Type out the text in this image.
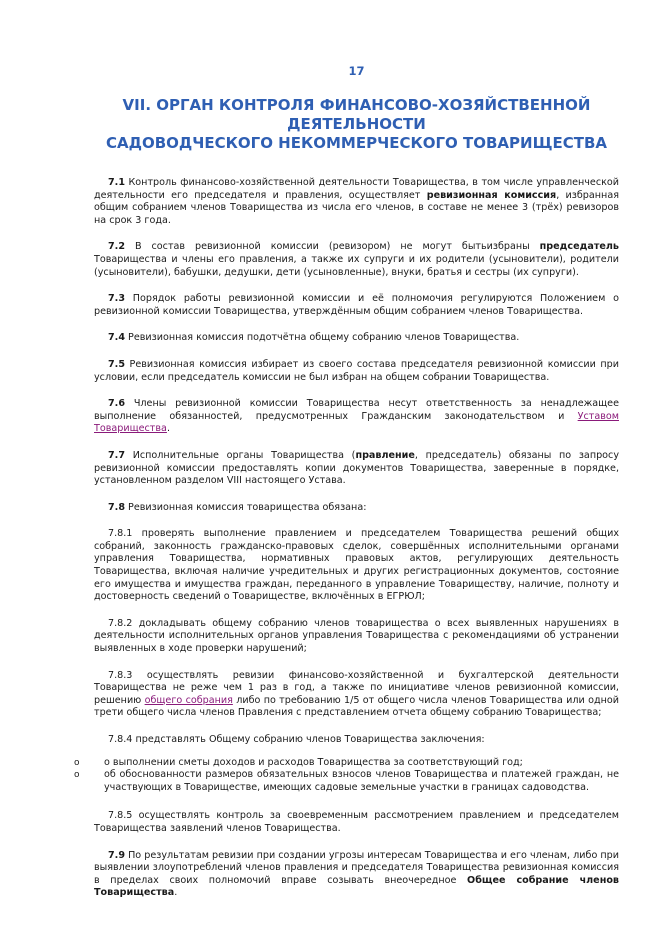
17
VII. ОРГАН КОНТРОЛЯ ФИНАНСОВО-ХОЗЯЙСТВЕННОЙ
ДЕЯТЕЛЬНОСТИ
САДОВОДЧЕСКОГО НЕКОММЕРЧЕСКОГО ТОВАРИЩЕСТВА

7.1 Контроль финансово-хозяйственной деятельности Товарищества, в том числе управленческой деятельности его председателя и правления, осуществляет ревизионная комиссия, избранная общим собранием членов Товарищества из числа его членов, в составе не менее 3 (трёх) ревизоров на срок 3 года.

7.2 В состав ревизионной комиссии (ревизором) не могут бытьизбраны председатель Товарищества и члены его правления, а также их супруги и их родители (усыновители), родители (усыновители), бабушки, дедушки, дети (усыновленные), внуки, братья и сестры (их супруги).

7.3 Порядок работы ревизионной комиссии и её полномочия регулируются Положением о ревизионной комиссии Товарищества, утверждённым общим собранием членов Товарищества.

7.4 Ревизионная комиссия подотчётна общему собранию членов Товарищества.

7.5 Ревизионная комиссия избирает из своего состава председателя ревизионной комиссии при условии, если председатель комиссии не был избран на общем собрании Товарищества.

7.6 Члены ревизионной комиссии Товарищества несут ответственность за ненадлежащее выполнение обязанностей, предусмотренных Гражданским законодательством и Уставом Товарищества.

7.7 Исполнительные органы Товарищества (правление, председатель) обязаны по запросу ревизионной комиссии предоставлять копии документов Товарищества, заверенные в порядке, установленном разделом VIII настоящего Устава.

7.8 Ревизионная комиссия товарищества обязана:

7.8.1 проверять выполнение правлением и председателем Товарищества решений общих собраний, законность гражданско-правовых сделок, совершённых исполнительными органами управления Товарищества, нормативных правовых актов, регулирующих деятельность Товарищества, включая наличие учредительных и других регистрационных документов, состояние его имущества и имущества граждан, переданного в управление Товариществу, наличие, полноту и достоверность сведений о Товариществе, включённых в ЕГРЮЛ;

7.8.2 докладывать общему собранию членов товарищества о всех выявленных нарушениях в деятельности исполнительных органов управления Товарищества с рекомендациями об устранении выявленных в ходе проверки нарушений;

7.8.3 осуществлять ревизии финансово-хозяйственной и бухгалтерской деятельности Товарищества не реже чем 1 раз в год, а также по инициативе членов ревизионной комиссии, решению общего собрания либо по требованию 1/5 от общего числа членов Товарищества или одной трети общего числа членов Правления с представлением отчета общему собранию Товарищества;

7.8.4 представлять Общему собранию членов Товарищества заключения:

o	о выполнении сметы доходов и расходов Товарищества за соответствующий год;
o	об обоснованности размеров обязательных взносов членов Товарищества и платежей граждан, не участвующих в Товариществе, имеющих садовые земельные участки в границах садоводства.

7.8.5 осуществлять контроль за своевременным рассмотрением правлением и председателем Товарищества заявлений членов Товарищества.

7.9 По результатам ревизии при создании угрозы интересам Товарищества и его членам, либо при выявлении злоупотреблений членов правления и председателя Товарищества ревизионная комиссия в пределах своих полномочий вправе созывать внеочередное Общее собрание членов Товарищества.
